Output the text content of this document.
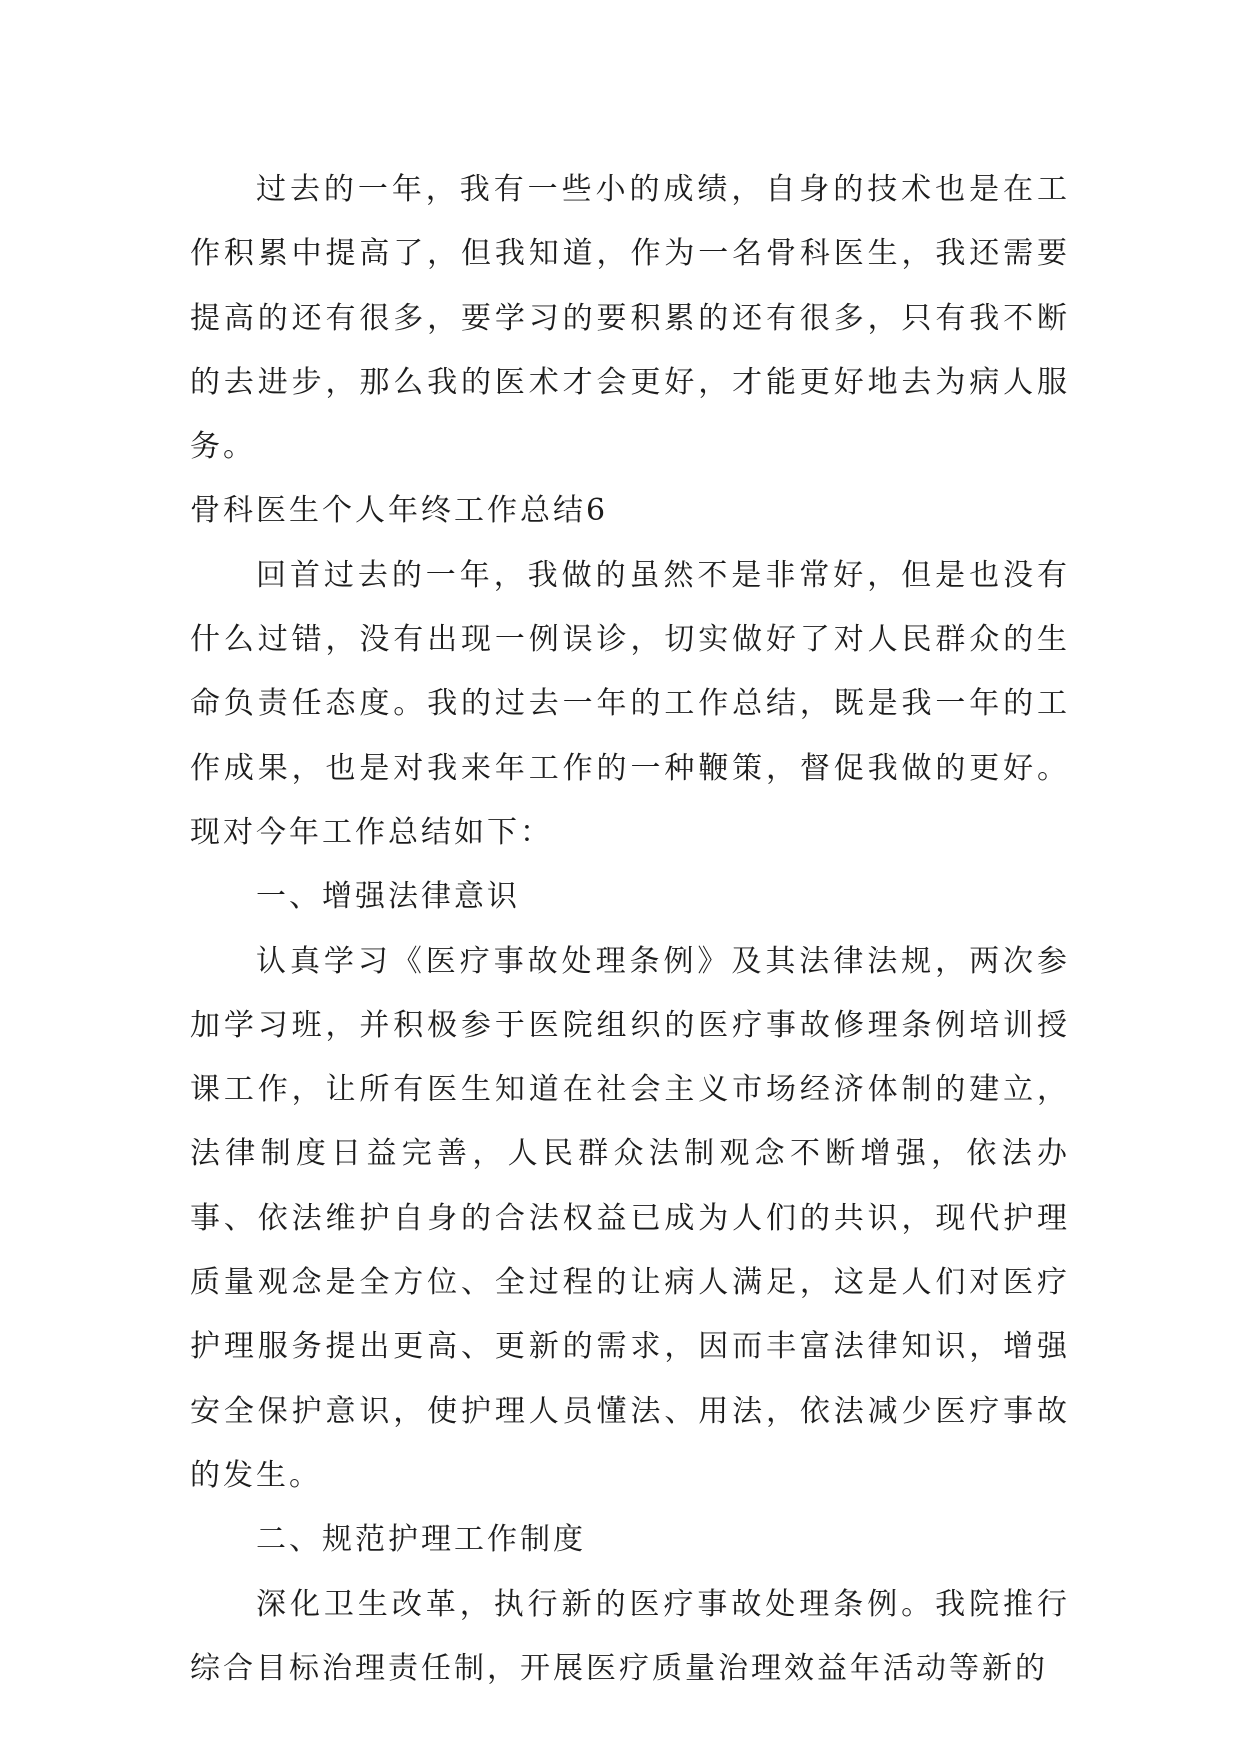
过去的一年，我有一些小的成绩，自身的技术也是在工作积累中提高了，但我知道，作为一名骨科医生，我还需要提高的还有很多，要学习的要积累的还有很多，只有我不断的去进步，那么我的医术才会更好，才能更好地去为病人服务。

骨科医生个人年终工作总结6

回首过去的一年，我做的虽然不是非常好，但是也没有什么过错，没有出现一例误诊，切实做好了对人民群众的生命负责任态度。我的过去一年的工作总结，既是我一年的工作成果，也是对我来年工作的一种鞭策，督促我做的更好。现对今年工作总结如下：

一、增强法律意识

认真学习《医疗事故处理条例》及其法律法规，两次参加学习班，并积极参于医院组织的医疗事故修理条例培训授课工作，让所有医生知道在社会主义市场经济体制的建立，法律制度日益完善，人民群众法制观念不断增强，依法办事、依法维护自身的合法权益已成为人们的共识，现代护理质量观念是全方位、全过程的让病人满足，这是人们对医疗护理服务提出更高、更新的需求，因而丰富法律知识，增强安全保护意识，使护理人员懂法、用法，依法减少医疗事故的发生。

二、规范护理工作制度

深化卫生改革，执行新的医疗事故处理条例。我院推行综合目标治理责任制，开展医疗质量治理效益年活动等新的
